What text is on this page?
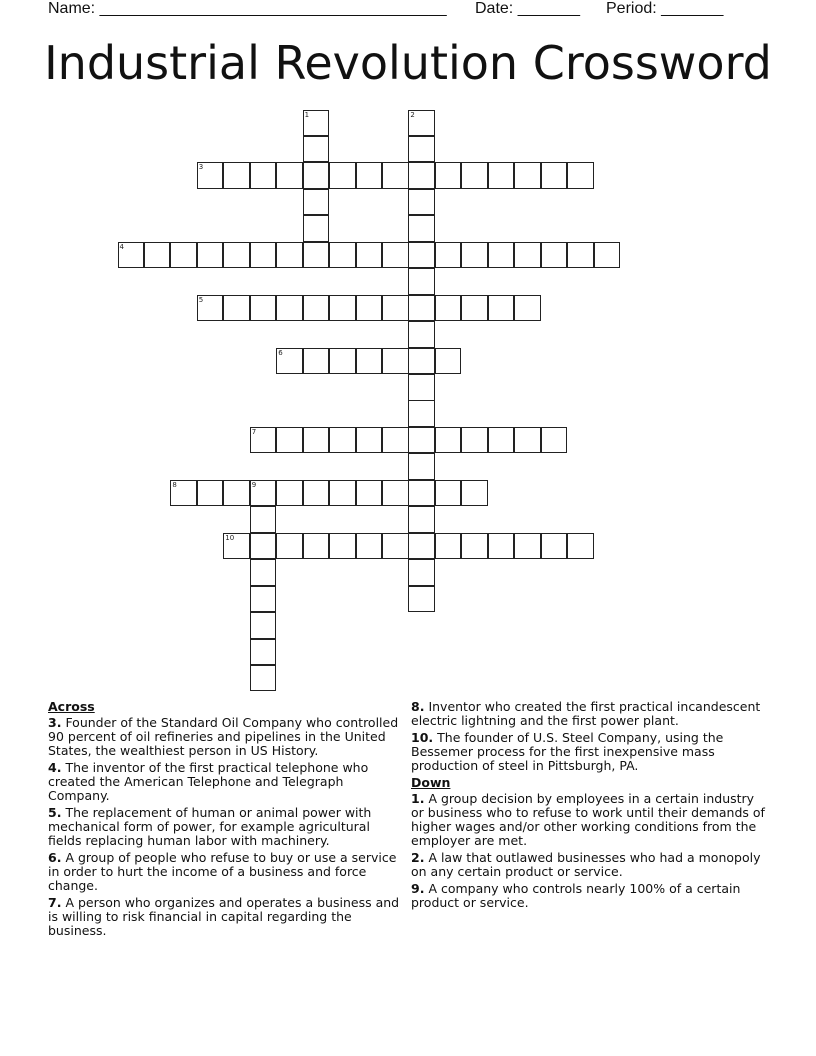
Name: _______________________________________

Date: _______

Period: _______

Industrial Revolution Crossword
1	2
3
4
5
6
7
8	9
10
Across
3. Founder of the Standard Oil Company who controlled 90 percent of oil refineries and pipelines in the United States, the wealthiest person in US History.
4. The inventor of the first practical telephone who created the American Telephone and Telegraph Company.
5. The replacement of human or animal power with mechanical form of power, for example agricultural fields replacing human labor with machinery.
6. A group of people who refuse to buy or use a service in order to hurt the income of a business and force change.
7. A person who organizes and operates a business and is willing to risk financial in capital regarding the business.
8. Inventor who created the first practical incandescent electric lightning and the first power plant.
10. The founder of U.S. Steel Company, using the Bessemer process for the first inexpensive mass production of steel in Pittsburgh, PA.
Down
1. A group decision by employees in a certain industry or business who to refuse to work until their demands of higher wages and/or other working conditions from the employer are met.
2. A law that outlawed businesses who had a monopoly on any certain product or service.
9. A company who controls nearly 100% of a certain product or service.
